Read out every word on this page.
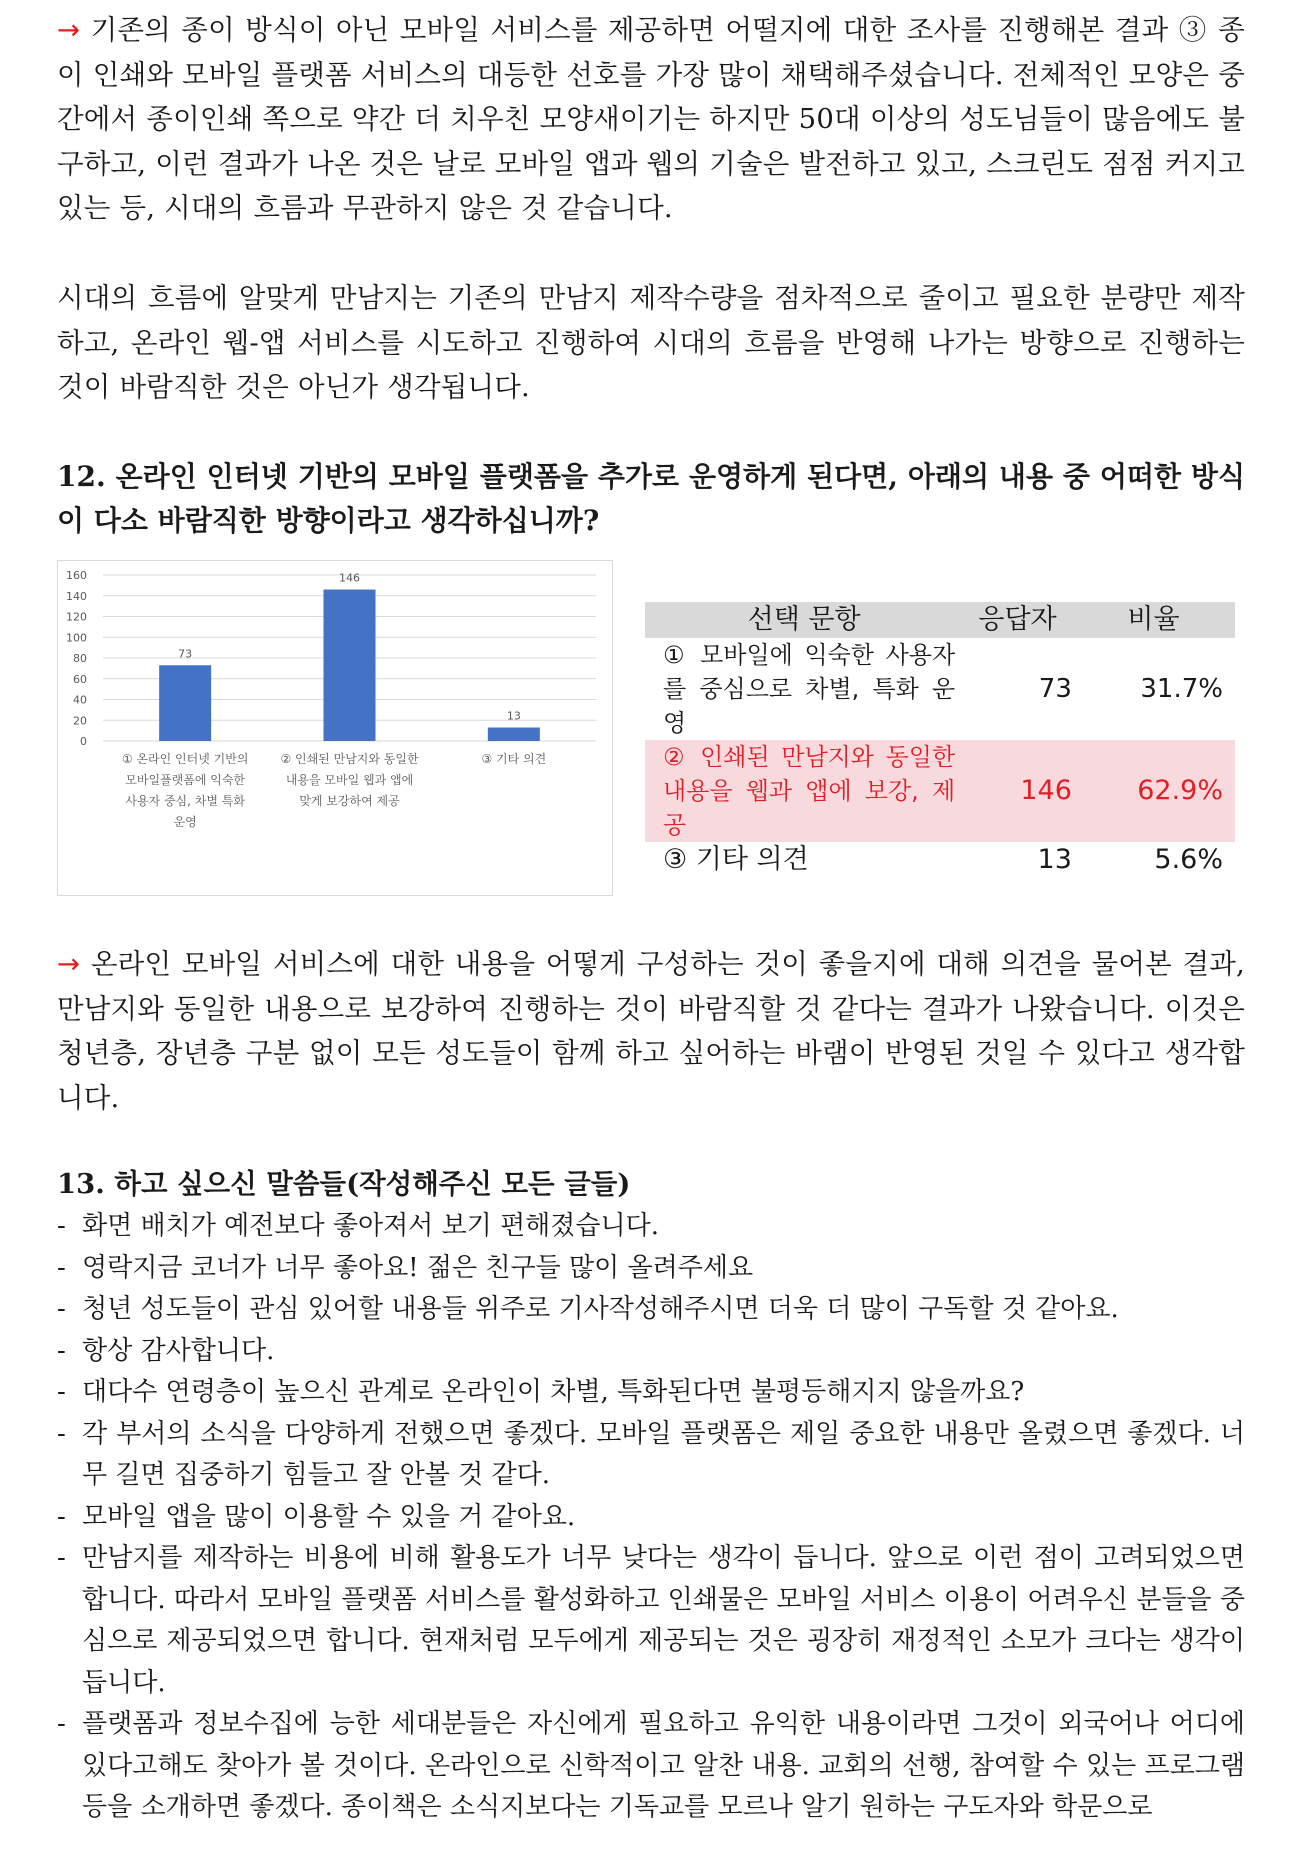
→ 기존의 종이 방식이 아닌 모바일 서비스를 제공하면 어떨지에 대한 조사를 진행해본 결과 ③ 종이 인쇄와 모바일 플랫폼 서비스의 대등한 선호를 가장 많이 채택해주셨습니다. 전체적인 모양은 중간에서 종이인쇄 쪽으로 약간 더 치우친 모양새이기는 하지만 50대 이상의 성도님들이 많음에도 불구하고, 이런 결과가 나온 것은 날로 모바일 앱과 웹의 기술은 발전하고 있고, 스크린도 점점 커지고 있는 등, 시대의 흐름과 무관하지 않은 것 같습니다.

시대의 흐름에 알맞게 만남지는 기존의 만남지 제작수량을 점차적으로 줄이고 필요한 분량만 제작하고, 온라인 웹-앱 서비스를 시도하고 진행하여 시대의 흐름을 반영해 나가는 방향으로 진행하는 것이 바람직한 것은 아닌가 생각됩니다.

12. 온라인 인터넷 기반의 모바일 플랫폼을 추가로 운영하게 된다면, 아래의 내용 중 어떠한 방식이 다소 바람직한 방향이라고 생각하십니까?
0
20
40
60
80
100
120
140
160
73
① 온라인 인터넷 기반의
모바일플랫폼에 익숙한
사용자 중심, 차별 특화
운영
146
② 인쇄된 만남지와 동일한
내용을 모바일 웹과 앱에
맞게 보강하여 제공
13
③ 기타 의견
선택 문항	응답자	비율
① 모바일에 익숙한 사용자를 중심으로 차별, 특화 운영	73	31.7%
② 인쇄된 만남지와 동일한 내용을 웹과 앱에 보강, 제공	146	62.9%
③ 기타 의견	13	5.6%

→ 온라인 모바일 서비스에 대한 내용을 어떻게 구성하는 것이 좋을지에 대해 의견을 물어본 결과, 만남지와 동일한 내용으로 보강하여 진행하는 것이 바람직할 것 같다는 결과가 나왔습니다. 이것은 청년층, 장년층 구분 없이 모든 성도들이 함께 하고 싶어하는 바램이 반영된 것일 수 있다고 생각합니다.

13. 하고 싶으신 말씀들(작성해주신 모든 글들)
- 화면 배치가 예전보다 좋아져서 보기 편해졌습니다.
- 영락지금 코너가 너무 좋아요! 젊은 친구들 많이 올려주세요
- 청년 성도들이 관심 있어할 내용들 위주로 기사작성해주시면 더욱 더 많이 구독할 것 같아요.
- 항상 감사합니다.
- 대다수 연령층이 높으신 관계로 온라인이 차별, 특화된다면 불평등해지지 않을까요?
- 각 부서의 소식을 다양하게 전했으면 좋겠다. 모바일 플랫폼은 제일 중요한 내용만 올렸으면 좋겠다. 너무 길면 집중하기 힘들고 잘 안볼 것 같다.
- 모바일 앱을 많이 이용할 수 있을 거 같아요.
- 만남지를 제작하는 비용에 비해 활용도가 너무 낮다는 생각이 듭니다. 앞으로 이런 점이 고려되었으면 합니다. 따라서 모바일 플랫폼 서비스를 활성화하고 인쇄물은 모바일 서비스 이용이 어려우신 분들을 중심으로 제공되었으면 합니다. 현재처럼 모두에게 제공되는 것은 굉장히 재정적인 소모가 크다는 생각이 듭니다.
- 플랫폼과 정보수집에 능한 세대분들은 자신에게 필요하고 유익한 내용이라면 그것이 외국어나 어디에 있다고해도 찾아가 볼 것이다. 온라인으로 신학적이고 알찬 내용. 교회의 선행, 참여할 수 있는 프로그램 등을 소개하면 좋겠다. 종이책은 소식지보다는 기독교를 모르나 알기 원하는 구도자와 학문으로
